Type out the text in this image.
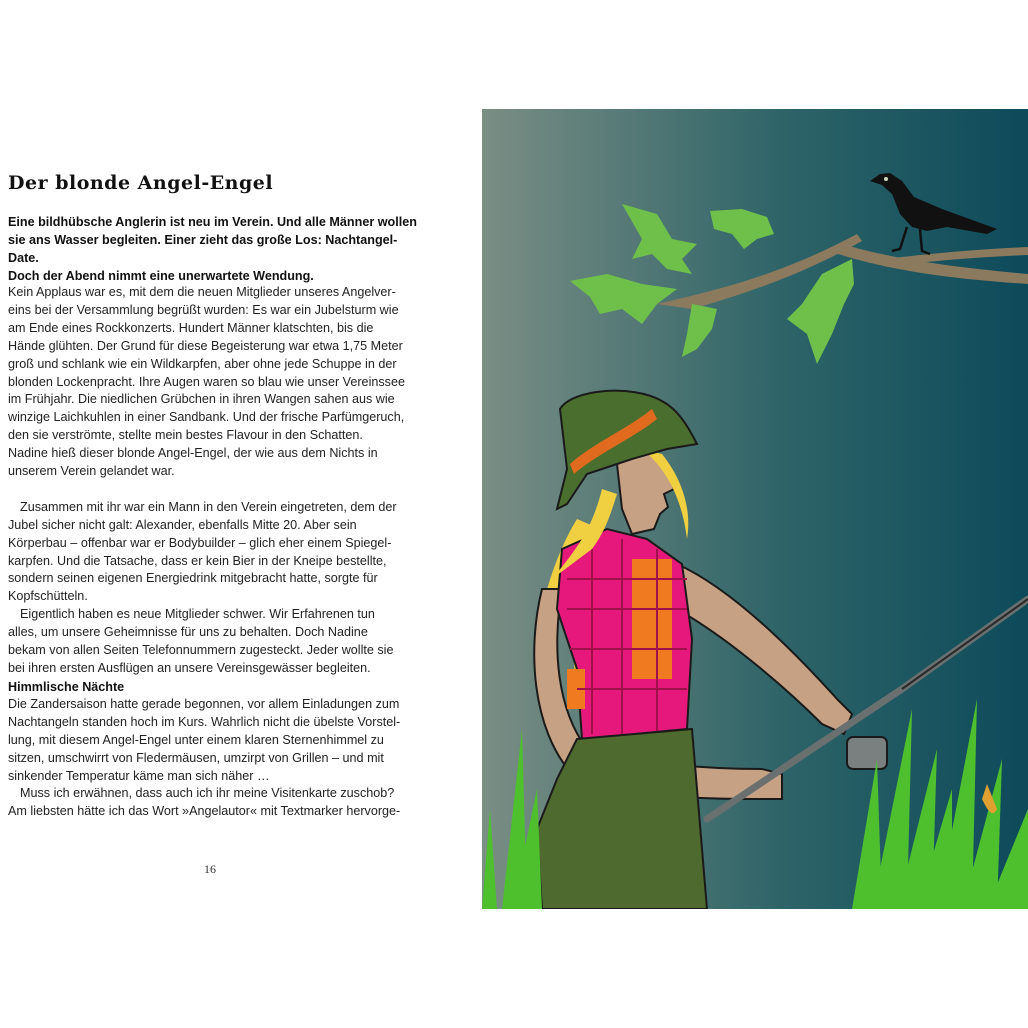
Der blonde Angel-Engel

Eine bildhübsche Anglerin ist neu im Verein. Und alle Männer wollen
sie ans Wasser begleiten. Einer zieht das große Los: Nachtangel-Date.
Doch der Abend nimmt eine unerwartete Wendung.

Kein Applaus war es, mit dem die neuen Mitglieder unseres Angelver-
eins bei der Versammlung begrüßt wurden: Es war ein Jubelsturm wie
am Ende eines Rockkonzerts. Hundert Männer klatschten, bis die
Hände glühten. Der Grund für diese Begeisterung war etwa 1,75 Meter
groß und schlank wie ein Wildkarpfen, aber ohne jede Schuppe in der
blonden Lockenpracht. Ihre Augen waren so blau wie unser Vereinssee
im Frühjahr. Die niedlichen Grübchen in ihren Wangen sahen aus wie
winzige Laichkuhlen in einer Sandbank. Und der frische Parfümgeruch,
den sie verströmte, stellte mein bestes Flavour in den Schatten.
Nadine hieß dieser blonde Angel-Engel, der wie aus dem Nichts in
unserem Verein gelandet war.

Zusammen mit ihr war ein Mann in den Verein eingetreten, dem der
Jubel sicher nicht galt: Alexander, ebenfalls Mitte 20. Aber sein
Körperbau – offenbar war er Bodybuilder – glich eher einem Spiegel-
karpfen. Und die Tatsache, dass er kein Bier in der Kneipe bestellte,
sondern seinen eigenen Energiedrink mitgebracht hatte, sorgte für
Kopfschütteln.

Eigentlich haben es neue Mitglieder schwer. Wir Erfahrenen tun
alles, um unsere Geheimnisse für uns zu behalten. Doch Nadine
bekam von allen Seiten Telefonnummern zugesteckt. Jeder wollte sie
bei ihren ersten Ausflügen an unsere Vereinsgewässer begleiten.

Himmlische Nächte

Die Zandersaison hatte gerade begonnen, vor allem Einladungen zum
Nachtangeln standen hoch im Kurs. Wahrlich nicht die übelste Vorstel-
lung, mit diesem Angel-Engel unter einem klaren Sternenhimmel zu
sitzen, umschwirrt von Fledermäusen, umzirpt von Grillen – und mit
sinkender Temperatur käme man sich näher …

Muss ich erwähnen, dass auch ich ihr meine Visitenkarte zuschob?
Am liebsten hätte ich das Wort »Angelautor« mit Textmarker hervorge-

16
